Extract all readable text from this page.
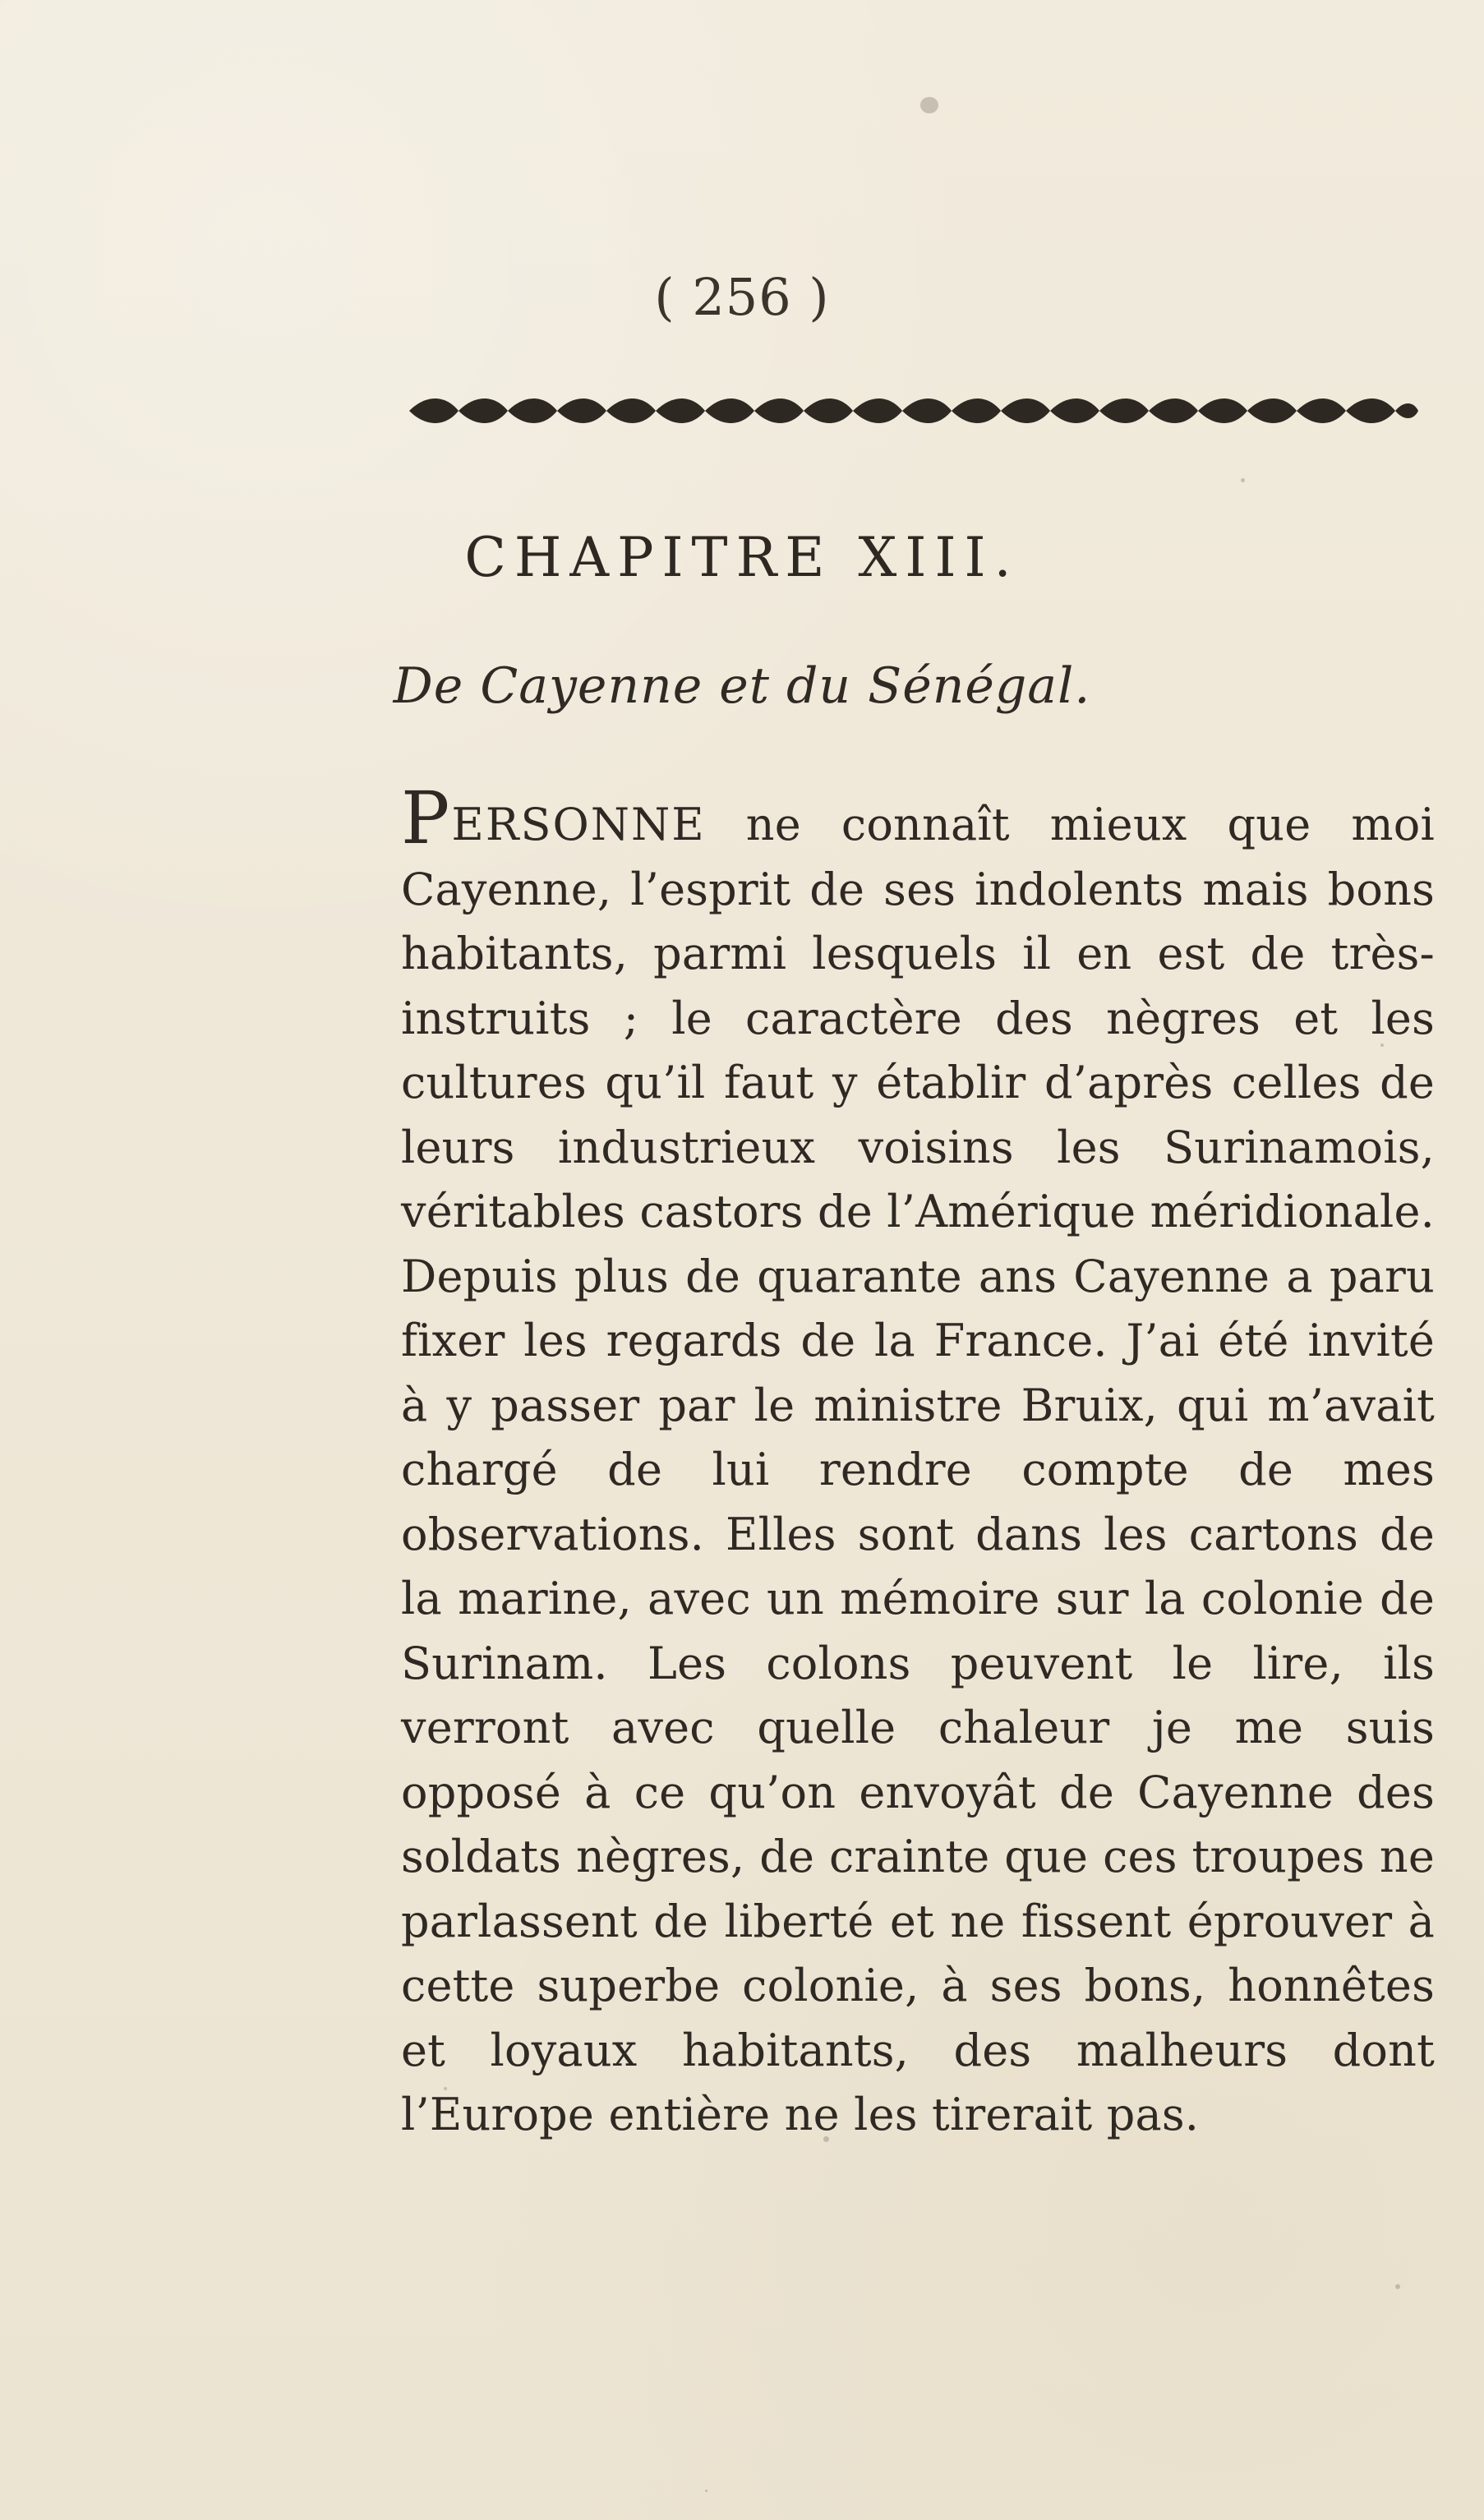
( 256 )
CHAPITRE XIII.
De Cayenne et du Sénégal.

PERSONNE ne connaît mieux que moi Cayenne, l’esprit de ses indolents mais bons habitants, parmi lesquels il en est de très-instruits ; le caractère des nègres et les cultures qu’il faut y établir d’après celles de leurs industrieux voisins les Surinamois, véritables castors de l’Amérique méridionale. Depuis plus de quarante ans Cayenne a paru fixer les regards de la France. J’ai été invité à y passer par le ministre Bruix, qui m’avait chargé de lui rendre compte de mes observations. Elles sont dans les cartons de la marine, avec un mémoire sur la colonie de Surinam. Les colons peuvent le lire, ils verront avec quelle chaleur je me suis opposé à ce qu’on envoyât de Cayenne des soldats nègres, de crainte que ces troupes ne parlassent de liberté et ne fissent éprouver à cette superbe colonie, à ses bons, honnêtes et loyaux habitants, des malheurs dont l’Europe entière ne les tirerait pas.
